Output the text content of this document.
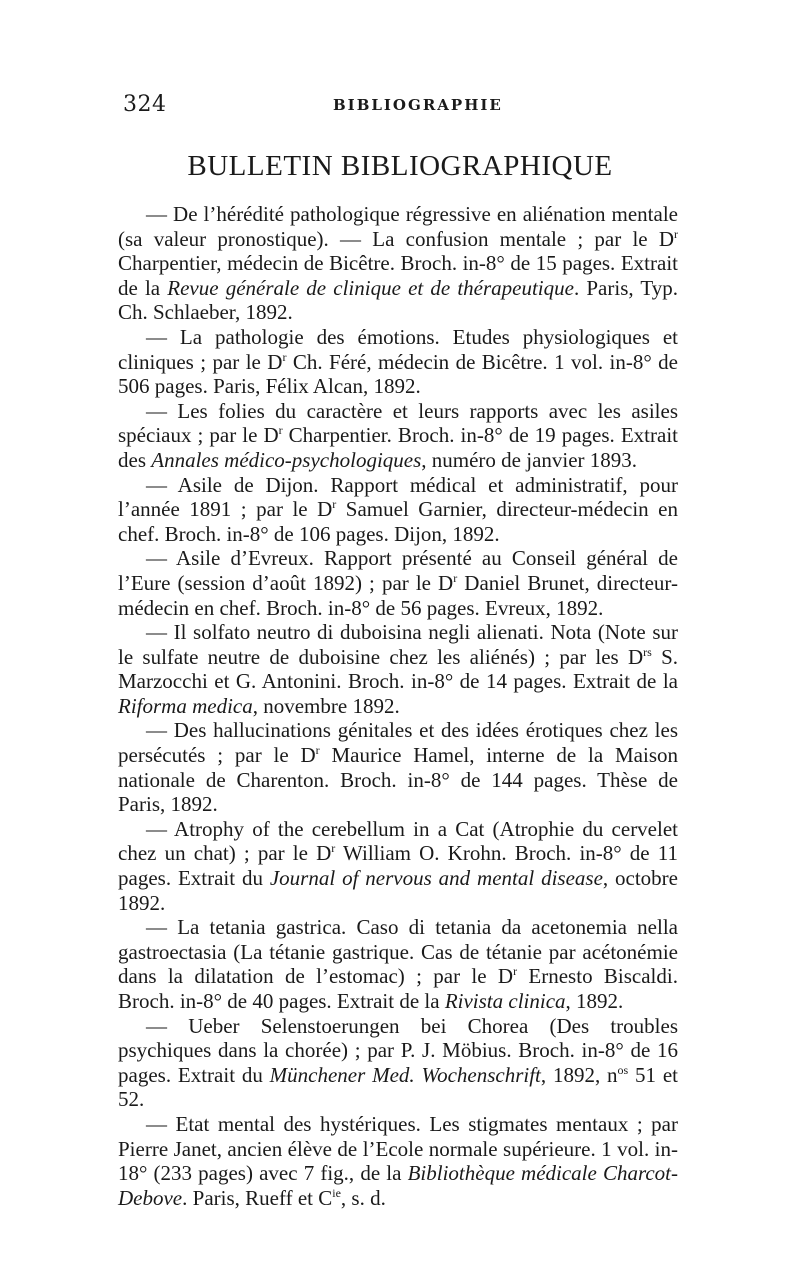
324	BIBLIOGRAPHIE
BULLETIN BIBLIOGRAPHIQUE

— De l’hérédité pathologique régressive en aliénation mentale (sa valeur pronostique). — La confusion mentale ; par le $D^r$ Charpentier, médecin de Bicêtre. Broch. in-8° de 15 pages. Extrait de la Revue générale de clinique et de thérapeutique. Paris, Typ. Ch. Schlaeber, 1892.

— La pathologie des émotions. Etudes physiologiques et cliniques ; par le $D^r$ Ch. Féré, médecin de Bicêtre. 1 vol. in-8° de 506 pages. Paris, Félix Alcan, 1892.

— Les folies du caractère et leurs rapports avec les asiles spéciaux ; par le $D^r$ Charpentier. Broch. in-8° de 19 pages. Extrait des Annales médico-psychologiques, numéro de janvier 1893.

— Asile de Dijon. Rapport médical et administratif, pour l’année 1891 ; par le $D^r$ Samuel Garnier, directeur-médecin en chef. Broch. in-8° de 106 pages. Dijon, 1892.

— Asile d’Evreux. Rapport présenté au Conseil général de l’Eure (session d’août 1892) ; par le $D^r$ Daniel Brunet, directeur-médecin en chef. Broch. in-8° de 56 pages. Evreux, 1892.

— Il solfato neutro di duboisina negli alienati. Nota (Note sur le sulfate neutre de duboisine chez les aliénés) ; par les $D^{rs}$ S. Marzocchi et G. Antonini. Broch. in-8° de 14 pages. Extrait de la Riforma medica, novembre 1892.

— Des hallucinations génitales et des idées érotiques chez les persécutés ; par le $D^r$ Maurice Hamel, interne de la Maison nationale de Charenton. Broch. in-8° de 144 pages. Thèse de Paris, 1892.

— Atrophy of the cerebellum in a Cat (Atrophie du cervelet chez un chat) ; par le $D^r$ William O. Krohn. Broch. in-8° de 11 pages. Extrait du Journal of nervous and mental disease, octobre 1892.

— La tetania gastrica. Caso di tetania da acetonemia nella gastroectasia (La tétanie gastrique. Cas de tétanie par acétonémie dans la dilatation de l’estomac) ; par le $D^r$ Ernesto Biscaldi. Broch. in-8° de 40 pages. Extrait de la Rivista clinica, 1892.

— Ueber Selenstoerungen bei Chorea (Des troubles psychiques dans la chorée) ; par P. J. Möbius. Broch. in-8° de 16 pages. Extrait du Münchener Med. Wochenschrift, 1892, $n^{os}$ 51 et 52.

— Etat mental des hystériques. Les stigmates mentaux ; par Pierre Janet, ancien élève de l’Ecole normale supérieure. 1 vol. in-18° (233 pages) avec 7 fig., de la Bibliothèque médicale Charcot-Debove. Paris, Rueff et $C^{ie}$, s. d.
